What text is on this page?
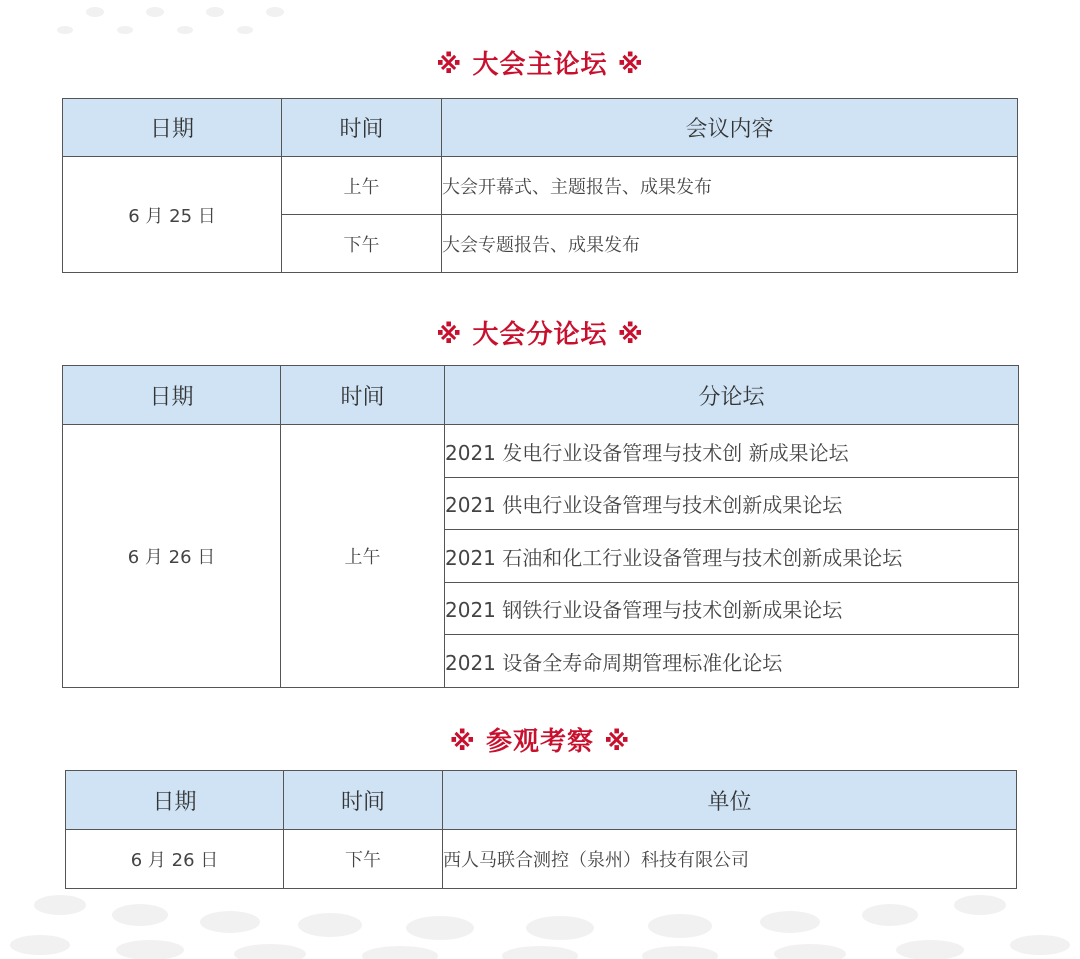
※ 大会主论坛 ※
日期	时间	会议内容
6 月 25 日	上午	大会开幕式、主题报告、成果发布
	下午	大会专题报告、成果发布
※ 大会分论坛 ※
日期	时间	分论坛
6 月 26 日	上午	2021 发电行业设备管理与技术创 新成果论坛
		2021 供电行业设备管理与技术创新成果论坛
		2021 石油和化工行业设备管理与技术创新成果论坛
		2021 钢铁行业设备管理与技术创新成果论坛
		2021 设备全寿命周期管理标准化论坛
※ 参观考察 ※
日期	时间	单位
6 月 26 日	下午	西人马联合测控（泉州）科技有限公司
